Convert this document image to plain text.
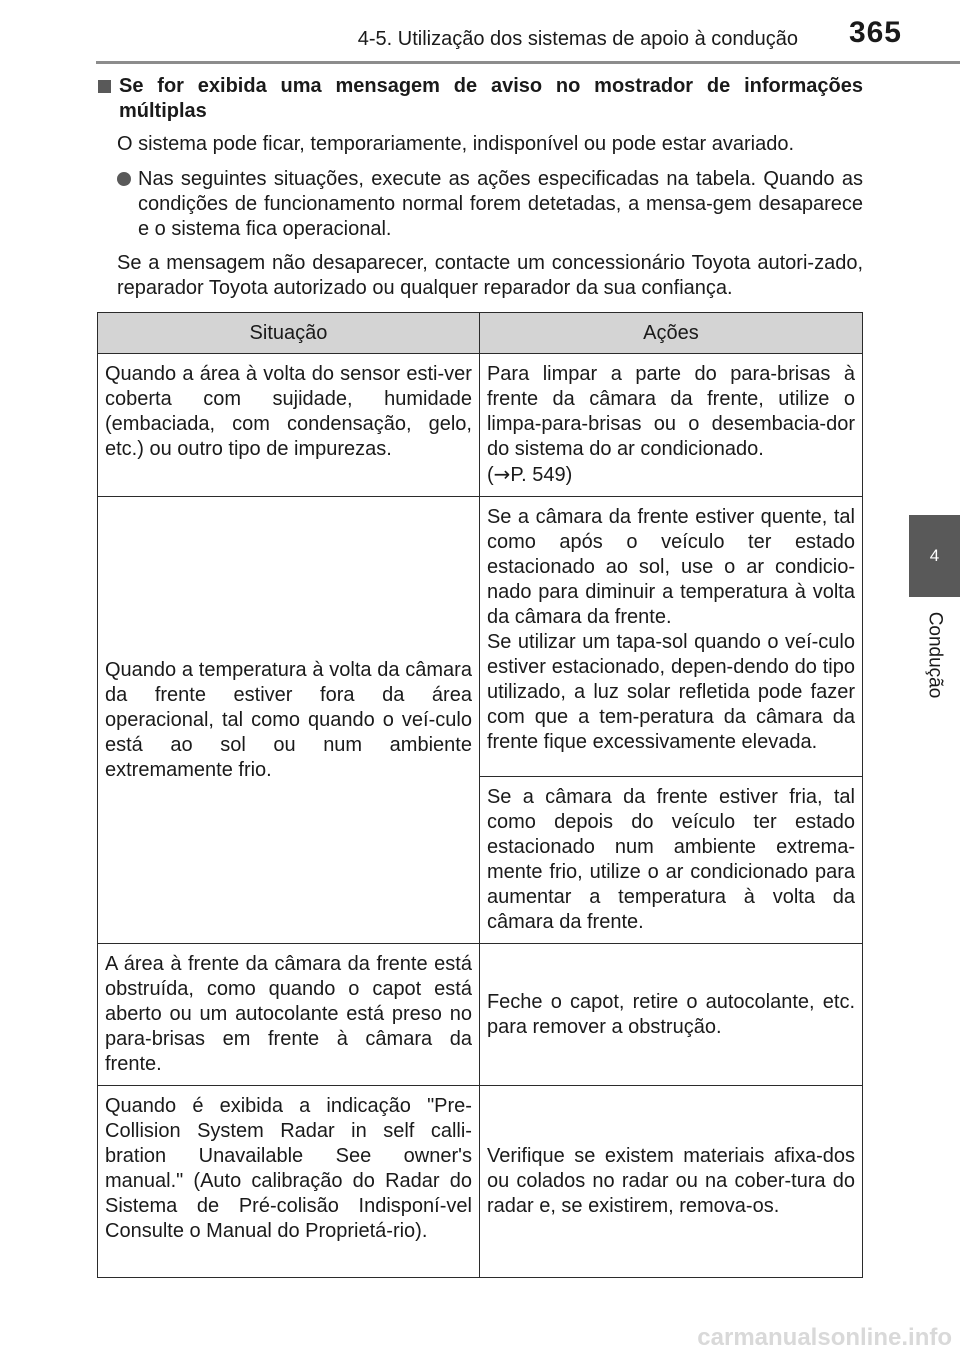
4-5. Utilização dos sistemas de apoio à condução	365
4
Condução
Se for exibida uma mensagem de aviso no mostrador de informações múltiplas
O sistema pode ficar, temporariamente, indisponível ou pode estar avariado.
Nas seguintes situações, execute as ações especificadas na tabela. Quando as condições de funcionamento normal forem detetadas, a mensa-gem desaparece e o sistema fica operacional.
Se a mensagem não desaparecer, contacte um concessionário Toyota autori-zado, reparador Toyota autorizado ou qualquer reparador da sua confiança.
Situação	Ações
Quando a área à volta do sensor esti-ver coberta com sujidade, humidade (embaciada, com condensação, gelo, etc.) ou outro tipo de impurezas.	Para limpar a parte do para-brisas à frente da câmara da frente, utilize o limpa-para-brisas ou o desembacia-dor do sistema do ar condicionado.
(→P. 549)
Quando a temperatura à volta da câmara da frente estiver fora da área operacional, tal como quando o veí-culo está ao sol ou num ambiente extremamente frio.	Se a câmara da frente estiver quente, tal como após o veículo ter estado estacionado ao sol, use o ar condicio-nado para diminuir a temperatura à volta da câmara da frente.
Se utilizar um tapa-sol quando o veí-culo estiver estacionado, depen-dendo do tipo utilizado, a luz solar refletida pode fazer com que a tem-peratura da câmara da frente fique excessivamente elevada.

	Se a câmara da frente estiver fria, tal como depois do veículo ter estado estacionado num ambiente extrema-mente frio, utilize o ar condicionado para aumentar a temperatura à volta da câmara da frente.
A área à frente da câmara da frente está obstruída, como quando o capot está aberto ou um autocolante está preso no para-brisas em frente à câmara da frente.	Feche o capot, retire o autocolante, etc. para remover a obstrução.
Quando é exibida a indicação "Pre-Collision System Radar in self calli-bration Unavailable See owner's manual." (Auto calibração do Radar do Sistema de Pré-colisão Indisponí-vel Consulte o Manual do Proprietá-rio).	Verifique se existem materiais afixa-dos ou colados no radar ou na cober-tura do radar e, se existirem, remova-os.
carmanualsonline.info
